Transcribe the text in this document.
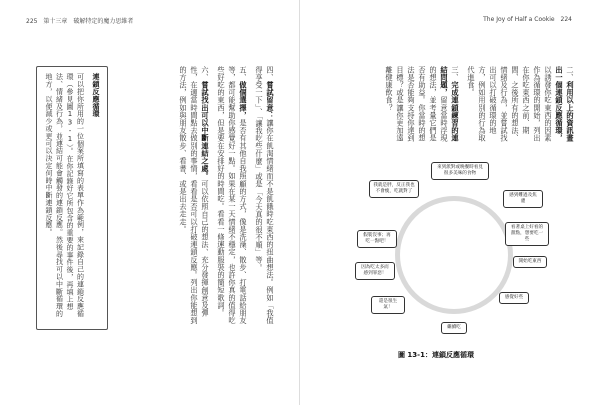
225 第十三章　破解特定的魔力思維者
連鎖反應循環
可以把你所用的一位個案所填寫的表單作為範例，來記錄自己的連鎖反應循環（參見圖13-1）。在你記錄好它所包含的重要的事件後，再填上想法、情緒及行為，並連結可能會觸發的連鎖反應。然後尋找可以中斷循環的地方，以便減少或更可以決定何時中斷連鎖反應。	四、嘗試留意：讓你在飢渴情緒而不是飢餓時吃東西的扭曲想法。例如「我值得享受一下」、「讓我吃些什麼」或是「今天真的很不順」等。
五、做個選擇，是否有其他自我照顧的方式，像是洗澡、散步、打電話給朋友等，都可能幫助你感覺好一點。如果在某一天情緒不穩定，也許你真的值得吃些好吃的東西，但是要在安排好的時間吃。看看一條運動服裝的簡短歌詞。
六、嘗試找出可以中斷連結之處。可以依照自己的想法、充分發揮創意及彈性，在適當時間點去做別的事情，看看是否可以打破連鎖反應。列出你能想到的方法，例如與朋友散步、看書、或是出去走走。
The Joy of Half a Cookie 224
二、利用以上的資訊畫出一個連鎖反應循環，以誘發你吃東西的因素作為循環的開始，列出在你吃東西之前、期間、之後所有的想法、情緒及行為，並嘗試找出可以打破循環的地方，例如用別的行為取代進食。
三、完成連鎖練習的連結問題，留意當時浮現的想法，並考量它們是否有助益。你當時的想法是否能夠支持你達到目標？或是讓你更加遠離健康飲食？
來到派對或晚餐時看見很多美味的食物
感到難過及焦慮
看著桌上好看的甜點，想要吃一些
開始吃東西
感覺好些
繼續吃
還是很生氣！
因為吃太多而感到罪惡！
假裝沒事；再吃一點吧！
我就是胖，反正我也不會瘦，吃就對了
圖 13-1：連鎖反應循環
